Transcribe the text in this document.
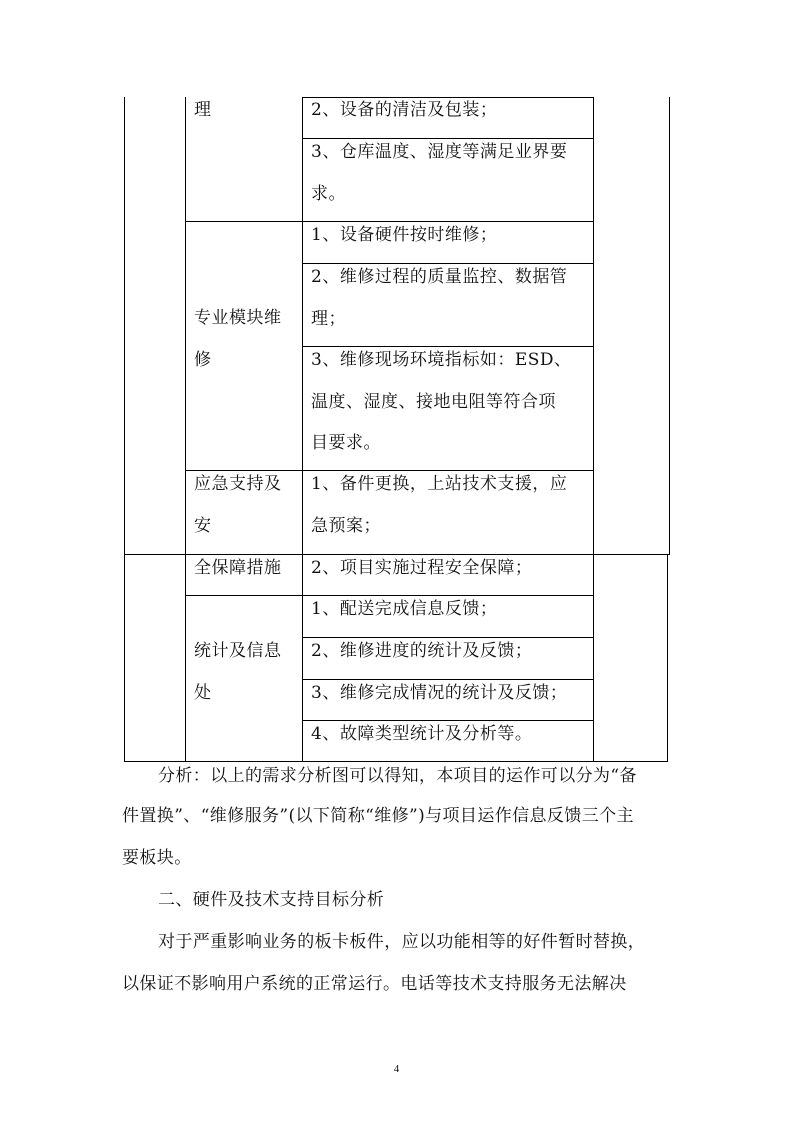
理	2、设备的清洁及包装；
3、仓库温度、湿度等满足业界要
求。
专业模块维
修
1、设备硬件按时维修；
2、维修过程的质量监控、数据管
理；
3、维修现场环境指标如：ESD、
温度、湿度、接地电阻等符合项
目要求。
应急支持及
安
1、备件更换，上站技术支援，应
急预案；
全保障措施 2、项目实施过程安全保障；
统计及信息
处
1、配送完成信息反馈；
2、维修进度的统计及反馈；
3、维修完成情况的统计及反馈；
4、故障类型统计及分析等。
分析：以上的需求分析图可以得知，本项目的运作可以分为“备
件置换”、“维修服务”(以下简称“维修”)与项目运作信息反馈三个主
要板块。
二、硬件及技术支持目标分析
对于严重影响业务的板卡板件，应以功能相等的好件暂时替换，
以保证不影响用户系统的正常运行。电话等技术支持服务无法解决
4
